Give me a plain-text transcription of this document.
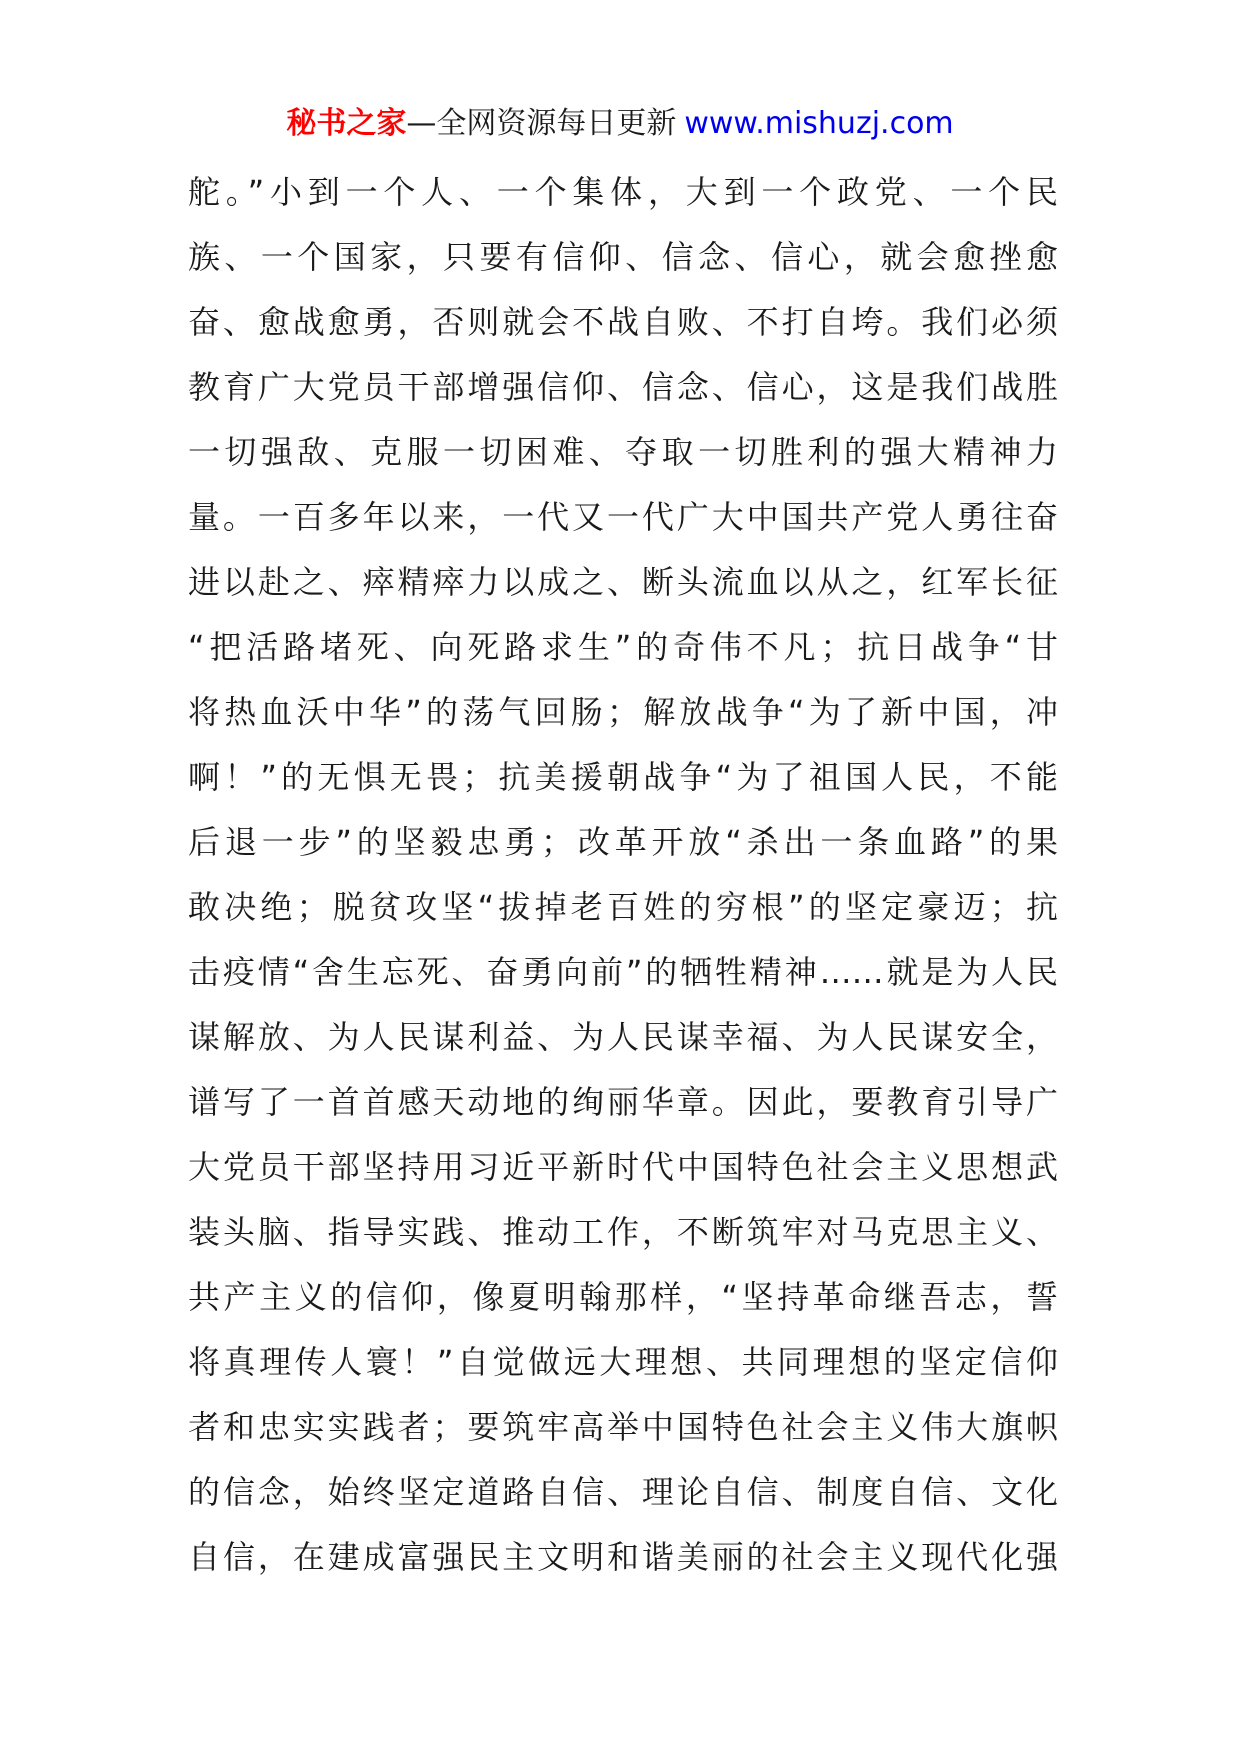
秘书之家—全网资源每日更新 www.mishuzj.com
舵。”小到一个人、一个集体，大到一个政党、一个民
族、一个国家，只要有信仰、信念、信心，就会愈挫愈
奋、愈战愈勇，否则就会不战自败、不打自垮。我们必须
教育广大党员干部增强信仰、信念、信心，这是我们战胜
一切强敌、克服一切困难、夺取一切胜利的强大精神力
量。一百多年以来，一代又一代广大中国共产党人勇往奋
进以赴之、瘁精瘁力以成之、断头流血以从之，红军长征
“把活路堵死、向死路求生”的奇伟不凡；抗日战争“甘
将热血沃中华”的荡气回肠；解放战争“为了新中国，冲
啊！”的无惧无畏；抗美援朝战争“为了祖国人民，不能
后退一步”的坚毅忠勇；改革开放“杀出一条血路”的果
敢决绝；脱贫攻坚“拔掉老百姓的穷根”的坚定豪迈；抗
击疫情“舍生忘死、奋勇向前”的牺牲精神……就是为人民
谋解放、为人民谋利益、为人民谋幸福、为人民谋安全，
谱写了一首首感天动地的绚丽华章。因此，要教育引导广
大党员干部坚持用习近平新时代中国特色社会主义思想武
装头脑、指导实践、推动工作，不断筑牢对马克思主义、
共产主义的信仰，像夏明翰那样，“坚持革命继吾志，誓
将真理传人寰！”自觉做远大理想、共同理想的坚定信仰
者和忠实实践者；要筑牢高举中国特色社会主义伟大旗帜
的信念，始终坚定道路自信、理论自信、制度自信、文化
自信，在建成富强民主文明和谐美丽的社会主义现代化强
